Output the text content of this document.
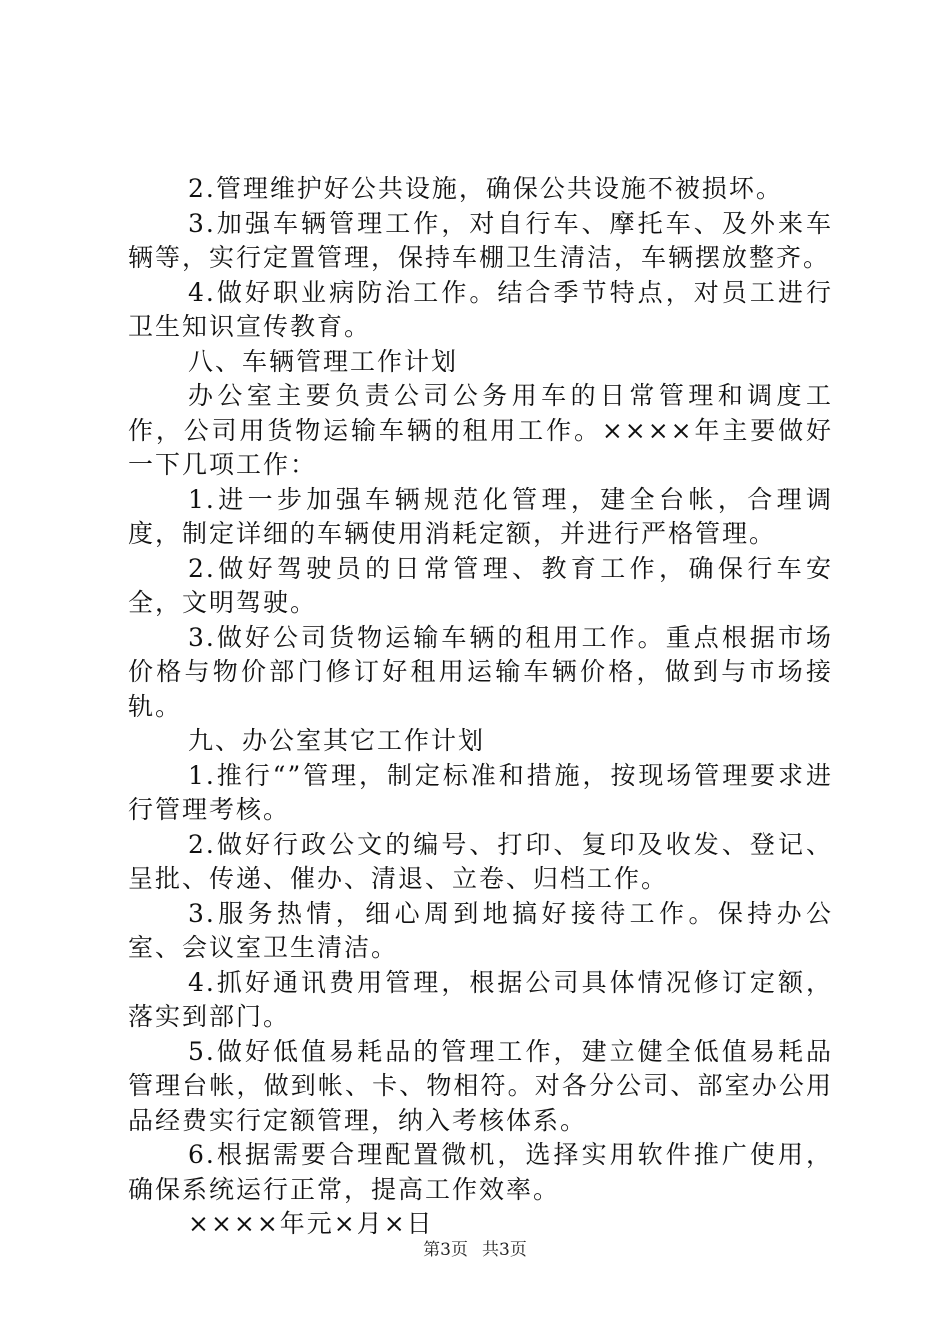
2.管理维护好公共设施，确保公共设施不被损坏。

3.加强车辆管理工作，对自行车、摩托车、及外来车辆等，实行定置管理，保持车棚卫生清洁，车辆摆放整齐。

4.做好职业病防治工作。结合季节特点，对员工进行卫生知识宣传教育。

八、车辆管理工作计划

办公室主要负责公司公务用车的日常管理和调度工作，公司用货物运输车辆的租用工作。××××年主要做好一下几项工作：

1.进一步加强车辆规范化管理，建全台帐，合理调度，制定详细的车辆使用消耗定额，并进行严格管理。

2.做好驾驶员的日常管理、教育工作，确保行车安全，文明驾驶。

3.做好公司货物运输车辆的租用工作。重点根据市场价格与物价部门修订好租用运输车辆价格，做到与市场接轨。

九、办公室其它工作计划

1.推行“”管理，制定标准和措施，按现场管理要求进行管理考核。

2.做好行政公文的编号、打印、复印及收发、登记、呈批、传递、催办、清退、立卷、归档工作。

3.服务热情，细心周到地搞好接待工作。保持办公室、会议室卫生清洁。

4.抓好通讯费用管理，根据公司具体情况修订定额，落实到部门。

5.做好低值易耗品的管理工作，建立健全低值易耗品管理台帐，做到帐、卡、物相符。对各分公司、部室办公用品经费实行定额管理，纳入考核体系。

6.根据需要合理配置微机，选择实用软件推广使用，确保系统运行正常，提高工作效率。

××××年元×月×日

第3页 共3页
